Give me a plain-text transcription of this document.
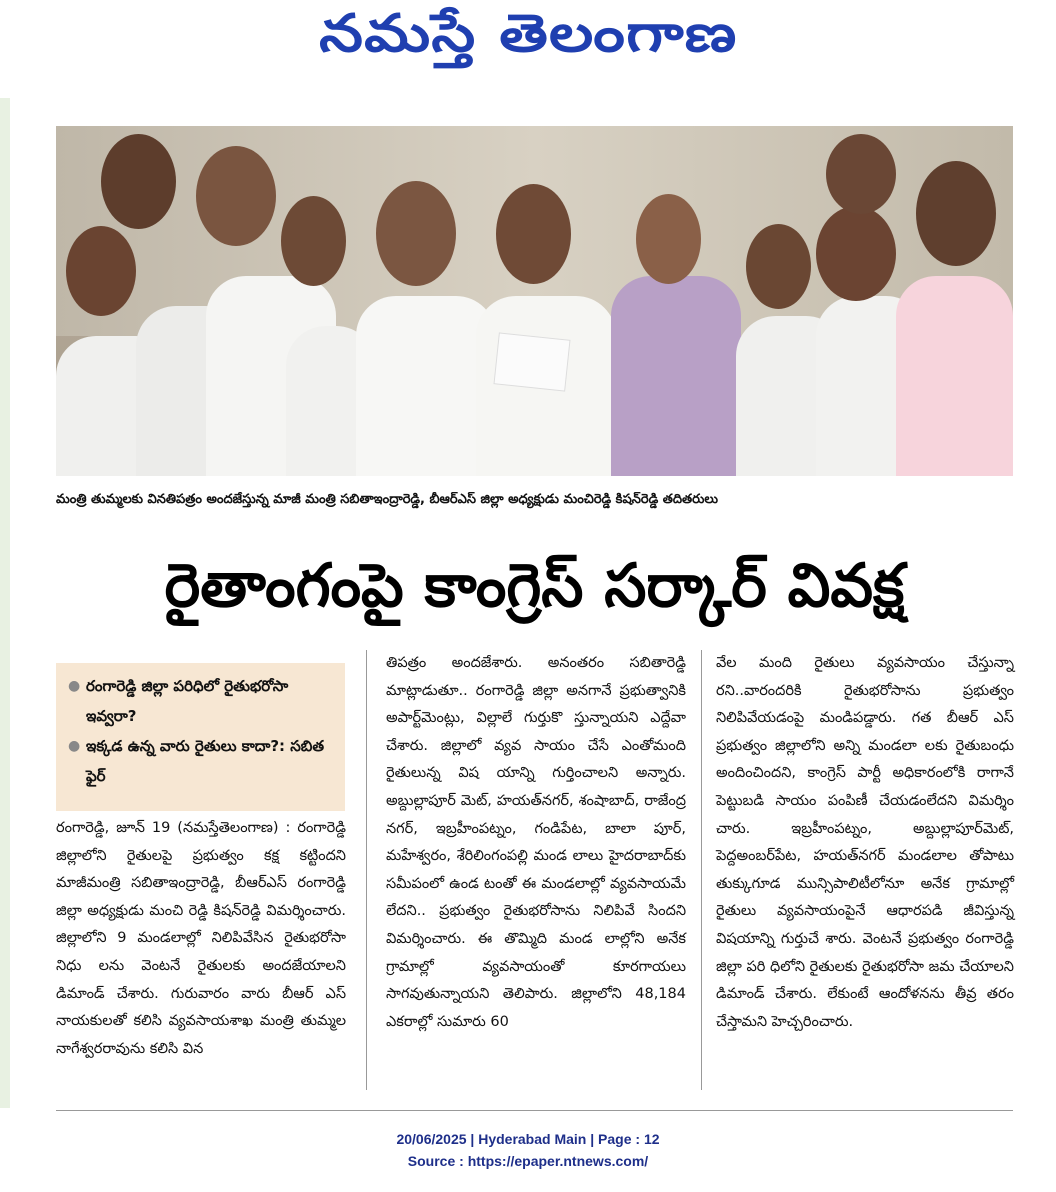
నమస్తే తెలంగాణ
మంత్రి తుమ్మలకు వినతిపత్రం అందజేస్తున్న మాజీ మంత్రి సబితాఇంద్రారెడ్డి, బీఆర్ఎస్ జిల్లా అధ్యక్షుడు మంచిరెడ్డి కిషన్‌రెడ్డి తదితరులు
రైతాంగంపై కాంగ్రెస్ సర్కార్ వివక్ష
● రంగారెడ్డి జిల్లా పరిధిలో రైతుభరోసా ఇవ్వరా?
● ఇక్కడ ఉన్న వారు రైతులు కాదా?: సబిత ఫైర్

రంగారెడ్డి, జూన్ 19 (నమస్తేతెలంగాణ) : రంగారెడ్డి జిల్లాలోని రైతులపై ప్రభుత్వం కక్ష కట్టిందని మాజీమంత్రి సబితాఇంద్రారెడ్డి, బీఆర్ఎస్ రంగారెడ్డి జిల్లా అధ్యక్షుడు మంచి రెడ్డి కిషన్‌రెడ్డి విమర్శించారు. జిల్లాలోని 9 మండలాల్లో నిలిపివేసిన రైతుభరోసా నిధు లను వెంటనే రైతులకు అందజేయాలని డిమాండ్ చేశారు. గురువారం వారు బీఆర్ ఎస్ నాయకులతో కలిసి వ్యవసాయశాఖ మంత్రి తుమ్మల నాగేశ్వరరావును కలిసి విన

తిపత్రం అందజేశారు. అనంతరం సబితారెడ్డి మాట్లాడుతూ.. రంగారెడ్డి జిల్లా అనగానే ప్రభుత్వానికి అపార్ట్‌మెంట్లు, విల్లాలే గుర్తుకొ స్తున్నాయని ఎద్దేవా చేశారు. జిల్లాలో వ్యవ సాయం చేసే ఎంతోమంది రైతులున్న విష యాన్ని గుర్తించాలని అన్నారు. అబ్దుల్లాపూర్ మెట్, హయత్‌నగర్, శంషాబాద్, రాజేంద్ర నగర్, ఇబ్రహీంపట్నం, గండిపేట, బాలా పూర్, మహేశ్వరం, శేరిలింగంపల్లి మండ లాలు హైదరాబాద్‌కు సమీపంలో ఉండ టంతో ఈ మండలాల్లో వ్యవసాయమే లేదని.. ప్రభుత్వం రైతుభరోసాను నిలిపివే సిందని విమర్శించారు. ఈ తొమ్మిది మండ లాల్లోని అనేక గ్రామాల్లో వ్యవసాయంతో కూరగాయలు సాగవుతున్నాయని తెలిపారు. జిల్లాలోని 48,184 ఎకరాల్లో సుమారు 60

వేల మంది రైతులు వ్యవసాయం చేస్తున్నా రని..వారందరికి రైతుభరోసాను ప్రభుత్వం నిలిపివేయడంపై మండిపడ్డారు. గత బీఆర్ ఎస్ ప్రభుత్వం జిల్లాలోని అన్ని మండలా లకు రైతుబంధు అందించిందని, కాంగ్రెస్ పార్టీ అధికారంలోకి రాగానే పెట్టుబడి సాయం పంపిణీ చేయడంలేదని విమర్శిం చారు. ఇబ్రహీంపట్నం, అబ్దుల్లాపూర్‌మెట్, పెద్దఅంబర్‌పేట, హయత్‌నగర్ మండలాల తోపాటు తుక్కుగూడ మున్సిపాలిటీలోనూ అనేక గ్రామాల్లో రైతులు వ్యవసాయంపైనే ఆధారపడి జీవిస్తున్న విషయాన్ని గుర్తుచే శారు. వెంటనే ప్రభుత్వం రంగారెడ్డి జిల్లా పరి ధిలోని రైతులకు రైతుభరోసా జమ చేయాలని డిమాండ్ చేశారు. లేకుంటే ఆందోళనను తీవ్ర తరం చేస్తామని హెచ్చరించారు.

20/06/2025 | Hyderabad Main | Page : 12
Source : https://epaper.ntnews.com/
